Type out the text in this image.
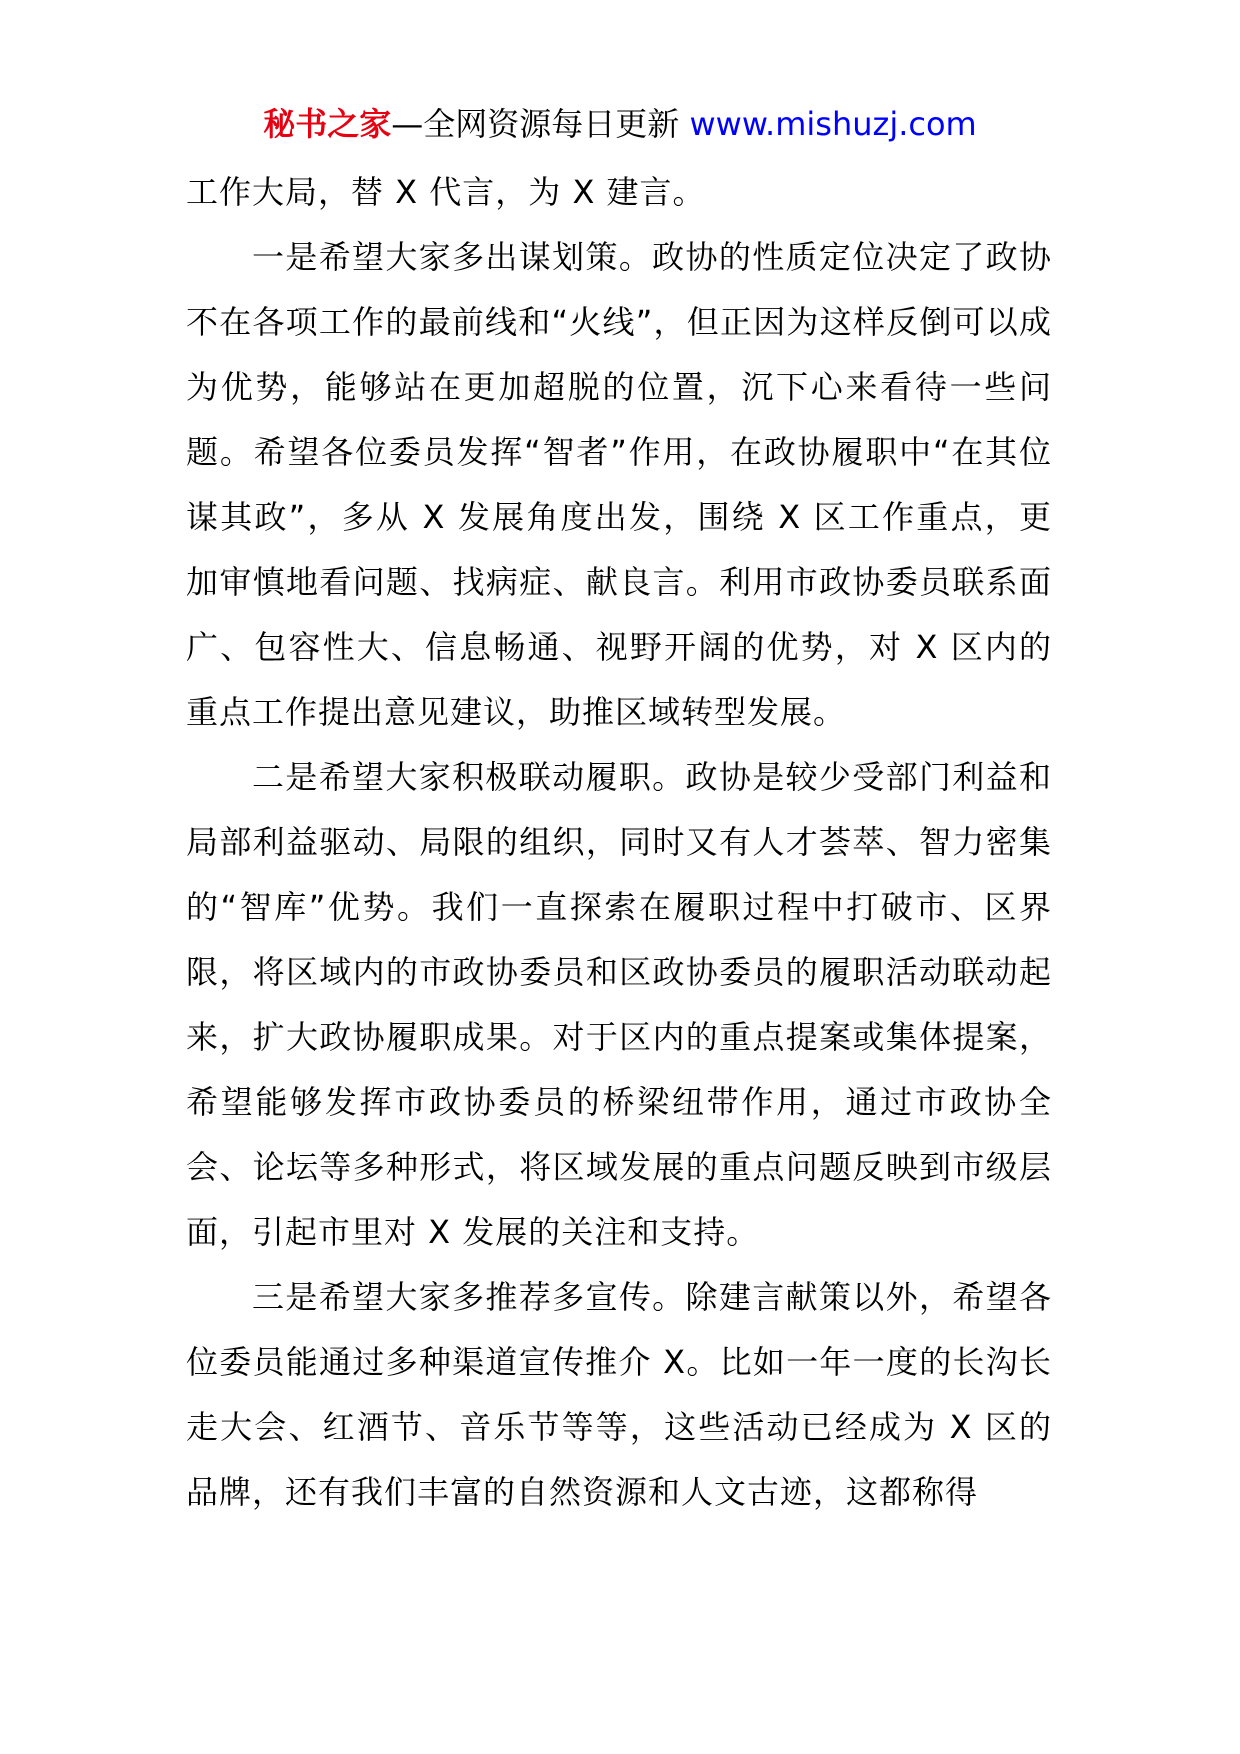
秘书之家—全网资源每日更新 www.mishuzj.com

工作大局，替 X 代言，为 X 建言。

一是希望大家多出谋划策。政协的性质定位决定了政协不在各项工作的最前线和“火线”，但正因为这样反倒可以成为优势，能够站在更加超脱的位置，沉下心来看待一些问题。希望各位委员发挥“智者”作用，在政协履职中“在其位谋其政”，多从 X 发展角度出发，围绕 X 区工作重点，更加审慎地看问题、找病症、献良言。利用市政协委员联系面广、包容性大、信息畅通、视野开阔的优势，对 X 区内的重点工作提出意见建议，助推区域转型发展。

二是希望大家积极联动履职。政协是较少受部门利益和局部利益驱动、局限的组织，同时又有人才荟萃、智力密集的“智库”优势。我们一直探索在履职过程中打破市、区界限，将区域内的市政协委员和区政协委员的履职活动联动起来，扩大政协履职成果。对于区内的重点提案或集体提案，希望能够发挥市政协委员的桥梁纽带作用，通过市政协全会、论坛等多种形式，将区域发展的重点问题反映到市级层面，引起市里对 X 发展的关注和支持。

三是希望大家多推荐多宣传。除建言献策以外，希望各位委员能通过多种渠道宣传推介 X。比如一年一度的长沟长走大会、红酒节、音乐节等等，这些活动已经成为 X 区的品牌，还有我们丰富的自然资源和人文古迹，这都称得
